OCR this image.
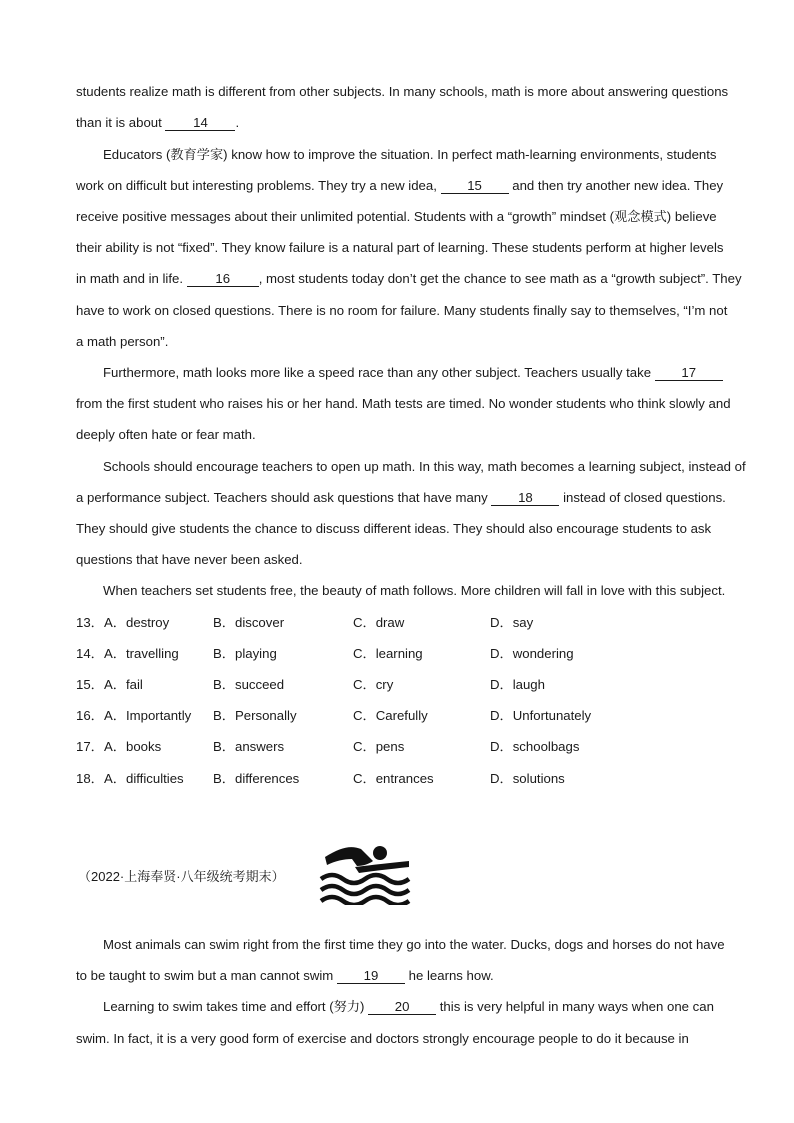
students realize math is different from other subjects. In many schools, math is more about answering questions
than it is about 14 .
Educators (教育学家) know how to improve the situation. In perfect math-learning environments, students
work on difficult but interesting problems. They try a new idea, 15 and then try another new idea. They
receive positive messages about their unlimited potential. Students with a “growth” mindset (观念模式) believe
their ability is not “fixed”. They know failure is a natural part of learning. These students perform at higher levels
in math and in life. 16 , most students today don’t get the chance to see math as a “growth subject”. They
have to work on closed questions. There is no room for failure. Many students finally say to themselves, “I’m not
a math person”.
Furthermore, math looks more like a speed race than any other subject. Teachers usually take 17
from the first student who raises his or her hand. Math tests are timed. No wonder students who think slowly and
deeply often hate or fear math.
Schools should encourage teachers to open up math. In this way, math becomes a learning subject, instead of
a performance subject. Teachers should ask questions that have many 18 instead of closed questions.
They should give students the chance to discuss different ideas. They should also encourage students to ask
questions that have never been asked.
When teachers set students free, the beauty of math follows. More children will fall in love with this subject.
13． A．destroy	B．discover	C．draw	D．say
14． A．travelling	B．playing	C．learning	D．wondering
15． A．fail	B．succeed	C．cry	D．laugh
16． A．Importantly B．Personally	C．Carefully	D．Unfortunately
17． A．books	B．answers	C．pens	D．schoolbags
18． A．difficulties B．differences	C．entrances	D．solutions
（2022·上海奉贤·八年级统考期末）
Most animals can swim right from the first time they go into the water. Ducks, dogs and horses do not have
to be taught to swim but a man cannot swim 19 he learns how.
Learning to swim takes time and effort (努力) 20 this is very helpful in many ways when one can
swim. In fact, it is a very good form of exercise and doctors strongly encourage people to do it because in
